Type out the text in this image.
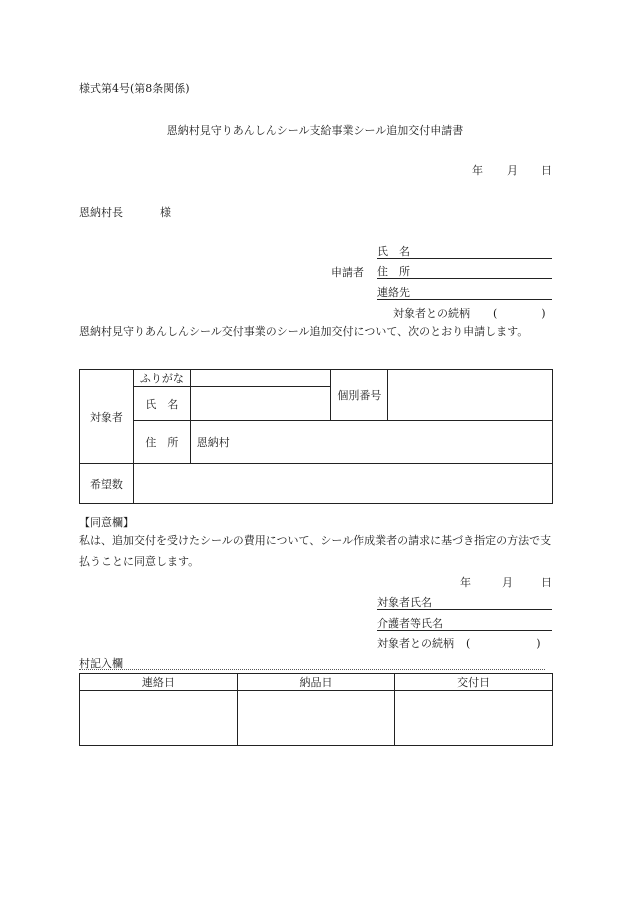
様式第4号(第8条関係)
恩納村見守りあんしんシール支給事業シール追加交付申請書
年 月 日
恩納村長	様
申請者
氏　名
住　所
連絡先
対象者との続柄 (　　　　)
恩納村見守りあんしんシール交付事業のシール追加交付について、次のとおり申請します。
対象者	ふりがな		個別番号	
	氏　名			
	住　所	恩納村		
希望数				
【同意欄】
私は、追加交付を受けたシールの費用について、シール作成業者の請求に基づき指定の方法で支払うことに同意します。
年	月	日
対象者氏名
介護者等氏名
対象者との続柄 (　　　　　　)
村記入欄
連絡日	納品日	交付日
